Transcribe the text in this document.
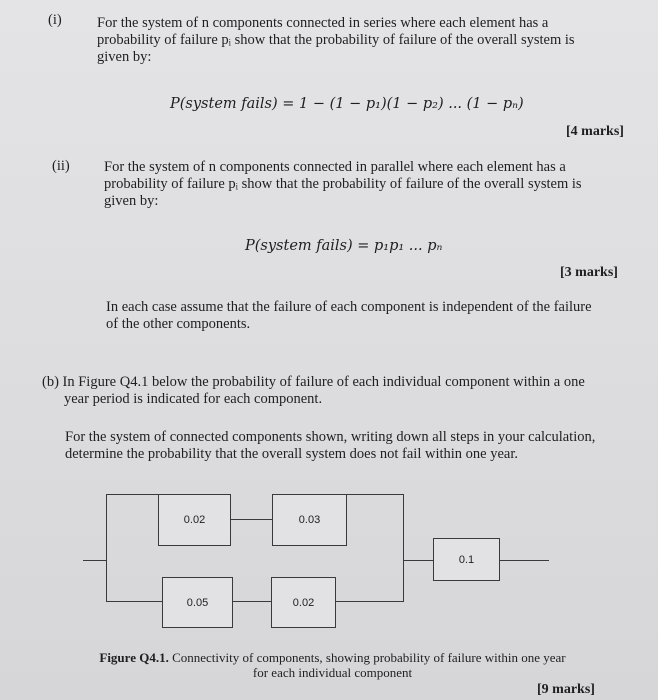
(i) For the system of n components connected in series where each element has a
probability of failure pᵢ show that the probability of failure of the overall system is
given by:
P(system fails) = 1 − (1 − p₁)(1 − p₂) ... (1 − pₙ)
[4 marks]
(ii) For the system of n components connected in parallel where each element has a
probability of failure pᵢ show that the probability of failure of the overall system is
given by:
P(system fails) = p₁p₁ ... pₙ
[3 marks]
In each case assume that the failure of each component is independent of the failure
of the other components.
(b) In Figure Q4.1 below the probability of failure of each individual component within a one
year period is indicated for each component.
For the system of connected components shown, writing down all steps in your calculation,
determine the probability that the overall system does not fail within one year.
0.02	0.03
0.05	0.02
0.1
Figure Q4.1. Connectivity of components, showing probability of failure within one year
for each individual component
[9 marks]
